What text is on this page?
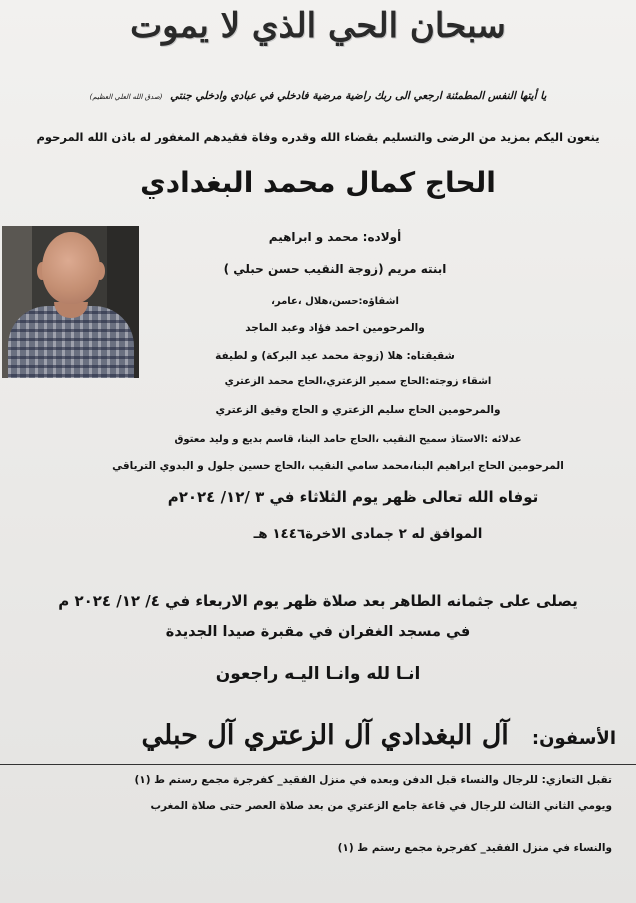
سبحان الحي الذي لا يموت
يا أيتها النفس المطمئنة ارجعي الى ربك راضية مرضية فادخلي في عبادي وادخلي جنتي (صدق الله العلي العظيم)
ينعون اليكم بمزيد من الرضى والتسليم بقضاء الله وقدره وفاة فقيدهم المغفور له باذن الله المرحوم
الحاج كمال محمد البغدادي
أولاده: محمد و ابراهيم
ابنته مريم (زوجة النقيب حسن حبلي )
اشقاؤه:حسن،هلال ،عامر،
والمرحومين احمد فؤاد وعبد الماجد
شقيقتاه: هلا (زوجة محمد عيد البركة) و لطيفة
اشقاء زوجته:الحاج سمير الزعتري،الحاج محمد الزعتري
والمرحومين الحاج سليم الزعتري و الحاج وفيق الزعتري
عدلائه :الاستاذ سميح النقيب ،الحاج حامد البنا، قاسم بديع و وليد معتوق
المرحومين الحاج ابراهيم البنا،محمد سامي النقيب ،الحاج حسين جلول و البدوي الترياقي
توفاه الله تعالى ظهر يوم الثلاثاء في ٣ /١٢/ ٢٠٢٤م
الموافق له ٢ جمادى الاخرة١٤٤٦ هـ
يصلى على جثمانه الطاهر بعد صلاة ظهر يوم الاربعاء في ٤/ ١٢/ ٢٠٢٤ م
في مسجد الغفران في مقبرة صيدا الجديدة
انـا لله وانـا اليـه راجعون
الأسفون: آل البغدادي آل الزعتري آل حبلي
تقبل التعازي: للرجال والنساء قبل الدفن وبعده في منزل الفقيد_ كفرجرة مجمع رستم ط (١)
ويومي الثاني الثالث للرجال في قاعة جامع الزعتري من بعد صلاة العصر حتى صلاة المغرب
والنساء في منزل الفقيد_ كفرجرة مجمع رستم ط (١)
